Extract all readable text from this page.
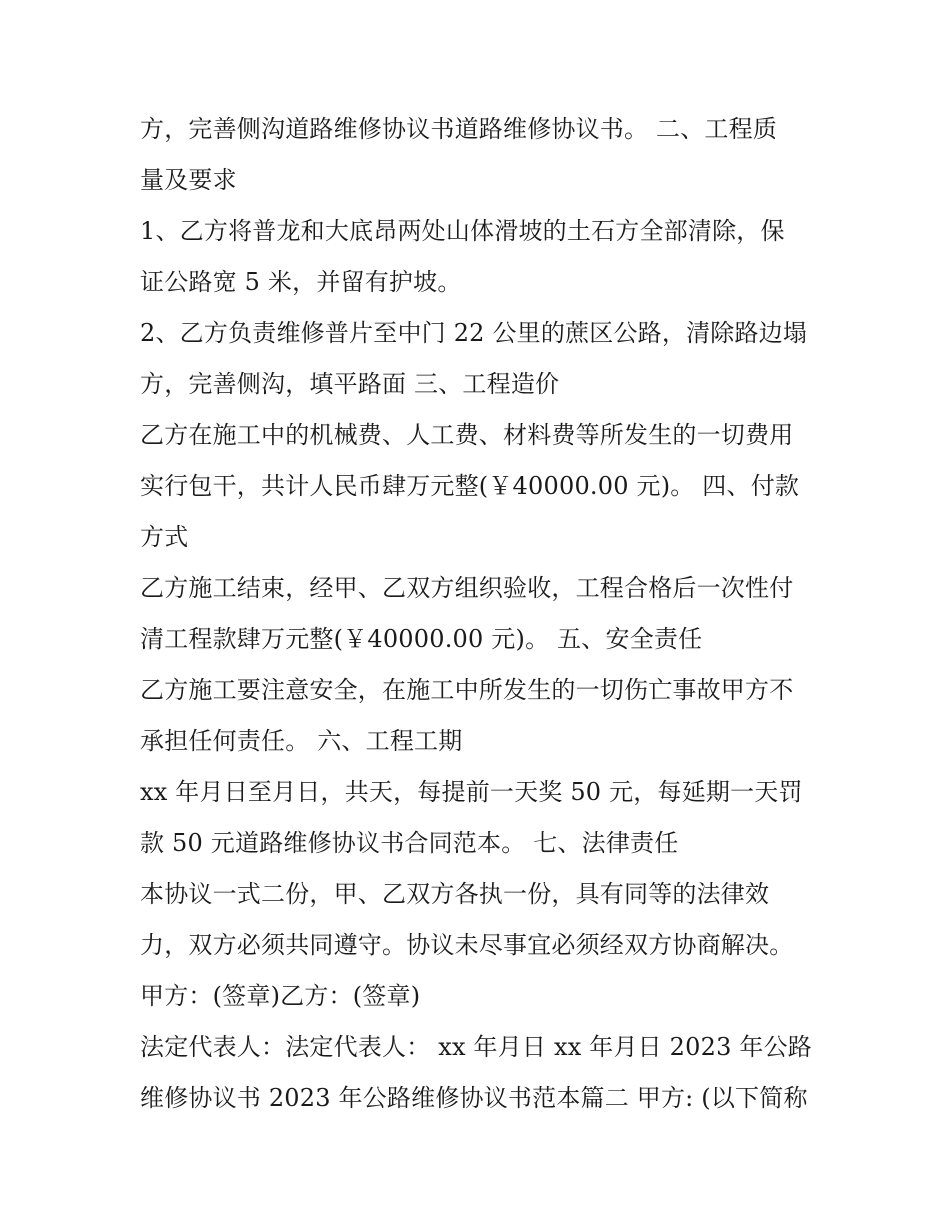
方，完善侧沟道路维修协议书道路维修协议书。 二、工程质
量及要求
1、乙方将普龙和大底昂两处山体滑坡的土石方全部清除，保
证公路宽 5 米，并留有护坡。
2、乙方负责维修普片至中门 22 公里的蔗区公路，清除路边塌
方，完善侧沟，填平路面 三、工程造价
乙方在施工中的机械费、人工费、材料费等所发生的一切费用
实行包干，共计人民币肆万元整(￥40000.00 元)。 四、付款
方式
乙方施工结束，经甲、乙双方组织验收，工程合格后一次性付
清工程款肆万元整(￥40000.00 元)。 五、安全责任
乙方施工要注意安全，在施工中所发生的一切伤亡事故甲方不
承担任何责任。 六、工程工期
xx 年月日至月日，共天，每提前一天奖 50 元，每延期一天罚
款 50 元道路维修协议书合同范本。 七、法律责任
本协议一式二份，甲、乙双方各执一份，具有同等的法律效
力，双方必须共同遵守。协议未尽事宜必须经双方协商解决。
甲方：(签章)乙方：(签章)
法定代表人：法定代表人： xx 年月日 xx 年月日 2023 年公路
维修协议书 2023 年公路维修协议书范本篇二 甲方: (以下简称
